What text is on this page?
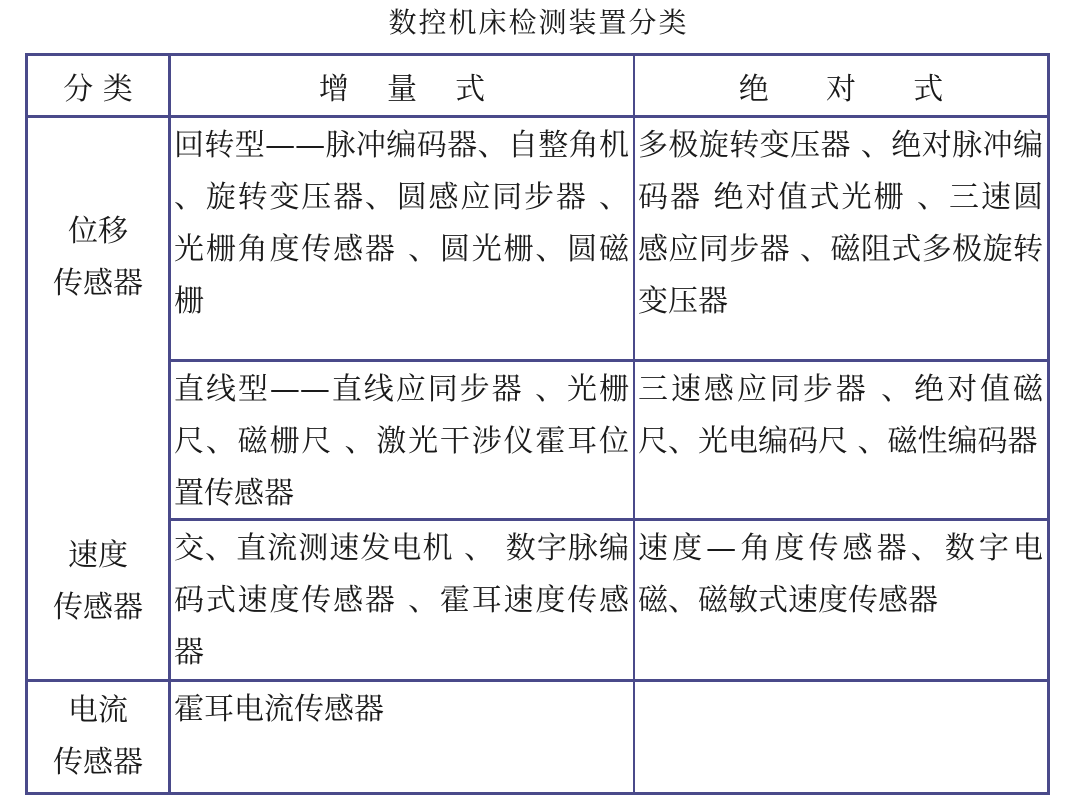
数控机床检测装置分类
分 类	增    量    式	绝      对      式
位移
传感器
速度
传感器
电流
传感器
回转型——脉冲编码器、自整角机 、旋转变压器、圆感应同步器 、光栅角度传感器 、圆光栅、圆磁栅
多极旋转变压器 、绝对脉冲编码器 绝对值式光栅 、三速圆感应同步器 、磁阻式多极旋转变压器
直线型——直线应同步器 、光栅尺、磁栅尺 、激光干涉仪霍耳位置传感器
三速感应同步器 、绝对值磁尺、光电编码尺 、磁性编码器
交、直流测速发电机 、 数字脉编码式速度传感器 、霍耳速度传感器
速度—角度传感器、数字电磁、磁敏式速度传感器
霍耳电流传感器
